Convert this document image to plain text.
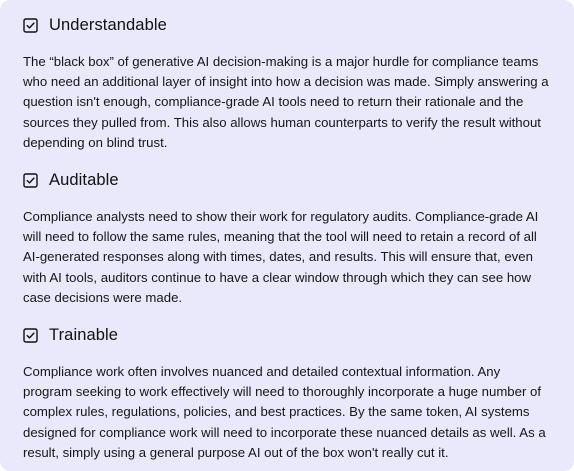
Understandable

The “black box” of generative AI decision-making is a major hurdle for compliance teams who need an additional layer of insight into how a decision was made. Simply answering a question isn't enough, compliance-grade AI tools need to return their rationale and the sources they pulled from. This also allows human counterparts to verify the result without depending on blind trust.

Auditable

Compliance analysts need to show their work for regulatory audits. Compliance-grade AI will need to follow the same rules, meaning that the tool will need to retain a record of all AI-generated responses along with times, dates, and results. This will ensure that, even with AI tools, auditors continue to have a clear window through which they can see how case decisions were made.

Trainable

Compliance work often involves nuanced and detailed contextual information. Any program seeking to work effectively will need to thoroughly incorporate a huge number of complex rules, regulations, policies, and best practices. By the same token, AI systems designed for compliance work will need to incorporate these nuanced details as well. As a result, simply using a general purpose AI out of the box won't really cut it.
